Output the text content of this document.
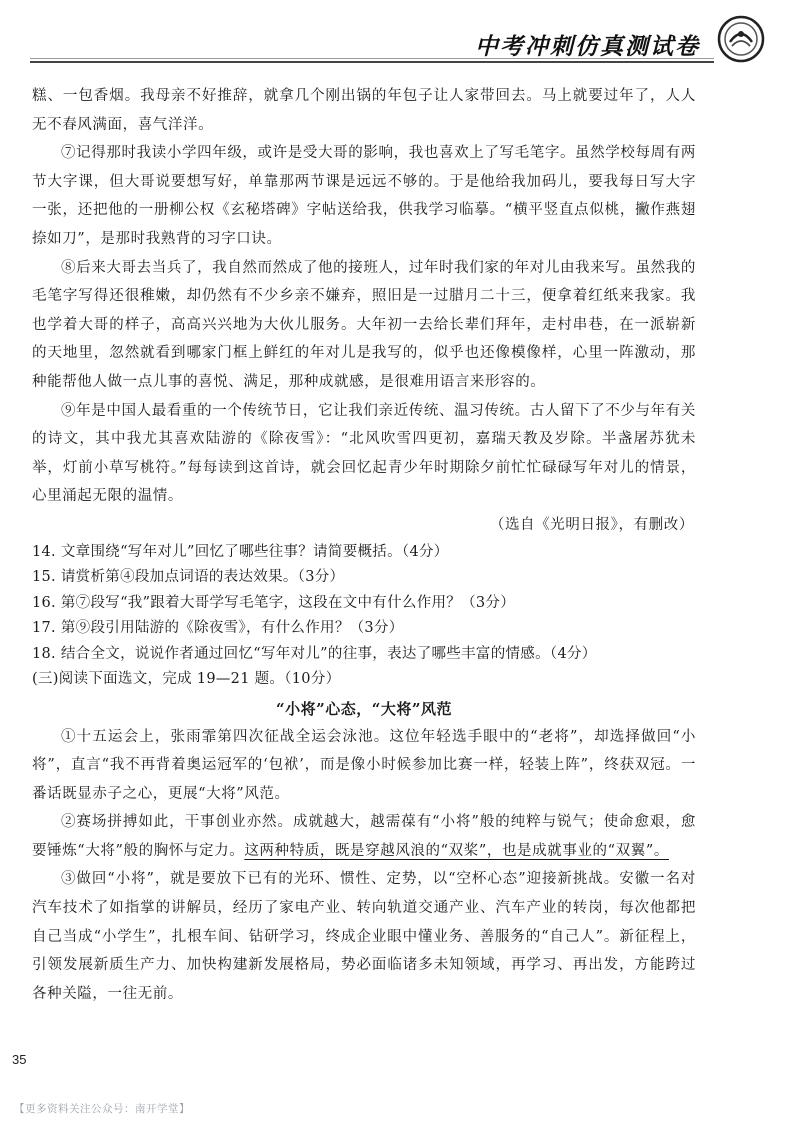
中考冲刺仿真测试卷

糕、一包香烟。我母亲不好推辞，就拿几个刚出锅的年包子让人家带回去。马上就要过年了，人人无不春风满面，喜气洋洋。

⑦记得那时我读小学四年级，或许是受大哥的影响，我也喜欢上了写毛笔字。虽然学校每周有两节大字课，但大哥说要想写好，单靠那两节课是远远不够的。于是他给我加码儿，要我每日写大字一张，还把他的一册柳公权《玄秘塔碑》字帖送给我，供我学习临摹。“横平竖直点似桃，撇作燕翅捺如刀”，是那时我熟背的习字口诀。

⑧后来大哥去当兵了，我自然而然成了他的接班人，过年时我们家的年对儿由我来写。虽然我的毛笔字写得还很稚嫩，却仍然有不少乡亲不嫌弃，照旧是一过腊月二十三，便拿着红纸来我家。我也学着大哥的样子，高高兴兴地为大伙儿服务。大年初一去给长辈们拜年，走村串巷，在一派崭新的天地里，忽然就看到哪家门框上鲜红的年对儿是我写的，似乎也还像模像样，心里一阵激动，那种能帮他人做一点儿事的喜悦、满足，那种成就感，是很难用语言来形容的。

⑨年是中国人最看重的一个传统节日，它让我们亲近传统、温习传统。古人留下了不少与年有关的诗文，其中我尤其喜欢陆游的《除夜雪》：“北风吹雪四更初，嘉瑞天教及岁除。半盏屠苏犹未举，灯前小草写桃符。”每每读到这首诗，就会回忆起青少年时期除夕前忙忙碌碌写年对儿的情景，心里涌起无限的温情。

（选自《光明日报》，有删改）

14. 文章围绕“写年对儿”回忆了哪些往事？请简要概括。（4分）

15. 请赏析第④段加点词语的表达效果。（3分）

16. 第⑦段写“我”跟着大哥学写毛笔字，这段在文中有什么作用？（3分）

17. 第⑨段引用陆游的《除夜雪》，有什么作用？（3分）

18. 结合全文，说说作者通过回忆“写年对儿”的往事，表达了哪些丰富的情感。（4分）

(三)阅读下面选文，完成 19—21 题。（10分）

“小将”心态，“大将”风范

①十五运会上，张雨霏第四次征战全运会泳池。这位年轻选手眼中的“老将”，却选择做回“小将”，直言“我不再背着奥运冠军的‘包袱’，而是像小时候参加比赛一样，轻装上阵”，终获双冠。一番话既显赤子之心，更展“大将”风范。

②赛场拼搏如此，干事创业亦然。成就越大，越需葆有“小将”般的纯粹与锐气；使命愈艰，愈要锤炼“大将”般的胸怀与定力。这两种特质，既是穿越风浪的“双桨”，也是成就事业的“双翼”。

③做回“小将”，就是要放下已有的光环、惯性、定势，以“空杯心态”迎接新挑战。安徽一名对汽车技术了如指掌的讲解员，经历了家电产业、转向轨道交通产业、汽车产业的转岗，每次他都把自己当成“小学生”，扎根车间、钻研学习，终成企业眼中懂业务、善服务的“自己人”。新征程上，引领发展新质生产力、加快构建新发展格局，势必面临诸多未知领域，再学习、再出发，方能跨过各种关隘，一往无前。

35
【更多资料关注公众号：南开学堂】
